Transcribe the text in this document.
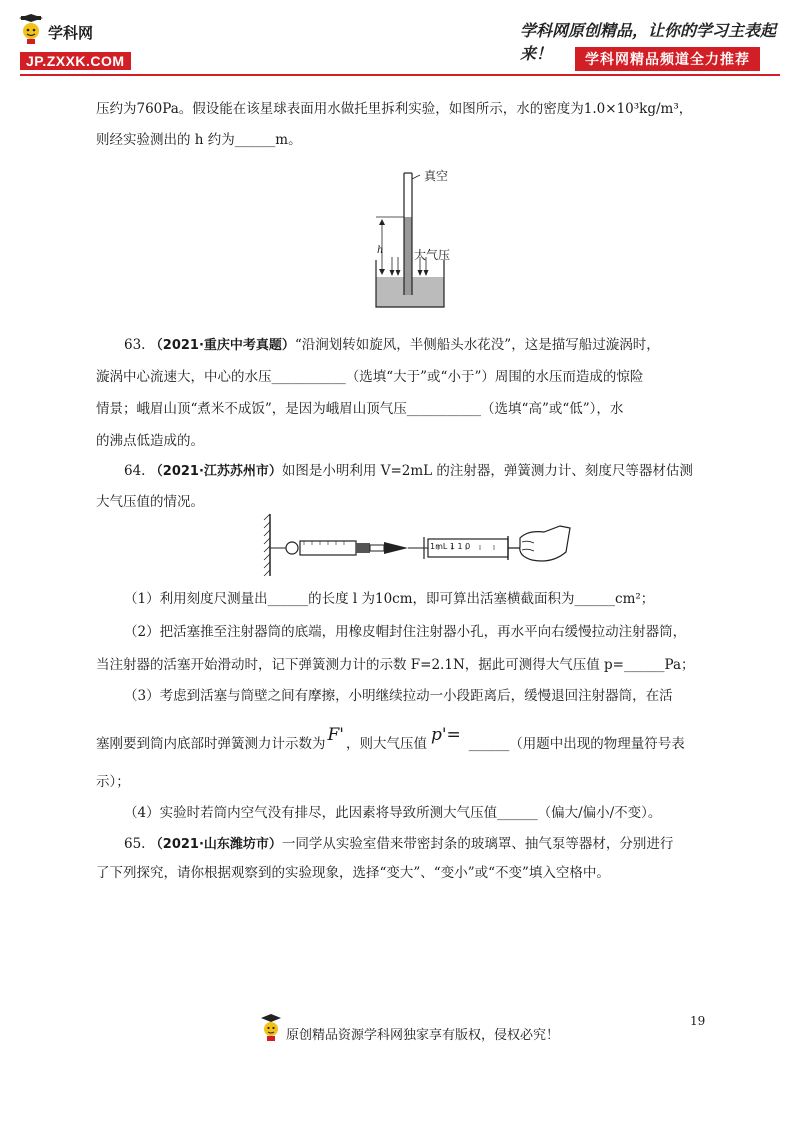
学科网
JP.ZXXK.COM
学科网原创精品，让你的学习主表起来！	学科网精品频道全力推荐
压约为760Pa。假设能在该星球表面用水做托里拆利实验，如图所示，水的密度为1.0×10³kg/m³，
则经实验测出的 h 约为______m。
真空
大气压
h
63. （2021·重庆中考真题）“沿涧划转如旋风，半侧船头水花没”，这是描写船过漩涡时，
漩涡中心流速大，中心的水压___________（选填“大于”或“小于”）周围的水压而造成的惊险
情景；峨眉山顶“煮米不成饭”，是因为峨眉山顶气压___________（选填“高”或“低”），水
的沸点低造成的。
64. （2021·江苏苏州市）如图是小明利用 V=2mL 的注射器，弹簧测力计、刻度尺等器材估测
大气压值的情况。
1mL 1 1 0
（1）利用刻度尺测量出______的长度 l 为10cm，即可算出活塞横截面积为______cm²；
（2）把活塞推至注射器筒的底端，用橡皮帽封住注射器小孔，再水平向右缓慢拉动注射器筒，
当注射器的活塞开始滑动时，记下弹簧测力计的示数 F=2.1N，据此可测得大气压值 p=______Pa；
（3）考虑到活塞与筒壁之间有摩擦，小明继续拉动一小段距离后，缓慢退回注射器筒，在活
塞刚要到筒内底部时弹簧测力计示数为 F' ，则大气压值 p'= ______（用题中出现的物理量符号表
示）；
（4）实验时若筒内空气没有排尽，此因素将导致所测大气压值______（偏大/偏小/不变）。
65. （2021·山东潍坊市）一同学从实验室借来带密封条的玻璃罩、抽气泵等器材，分别进行
了下列探究，请你根据观察到的实验现象，选择“变大”、“变小”或“不变”填入空格中。
19
原创精品资源学科网独家享有版权，侵权必究！
